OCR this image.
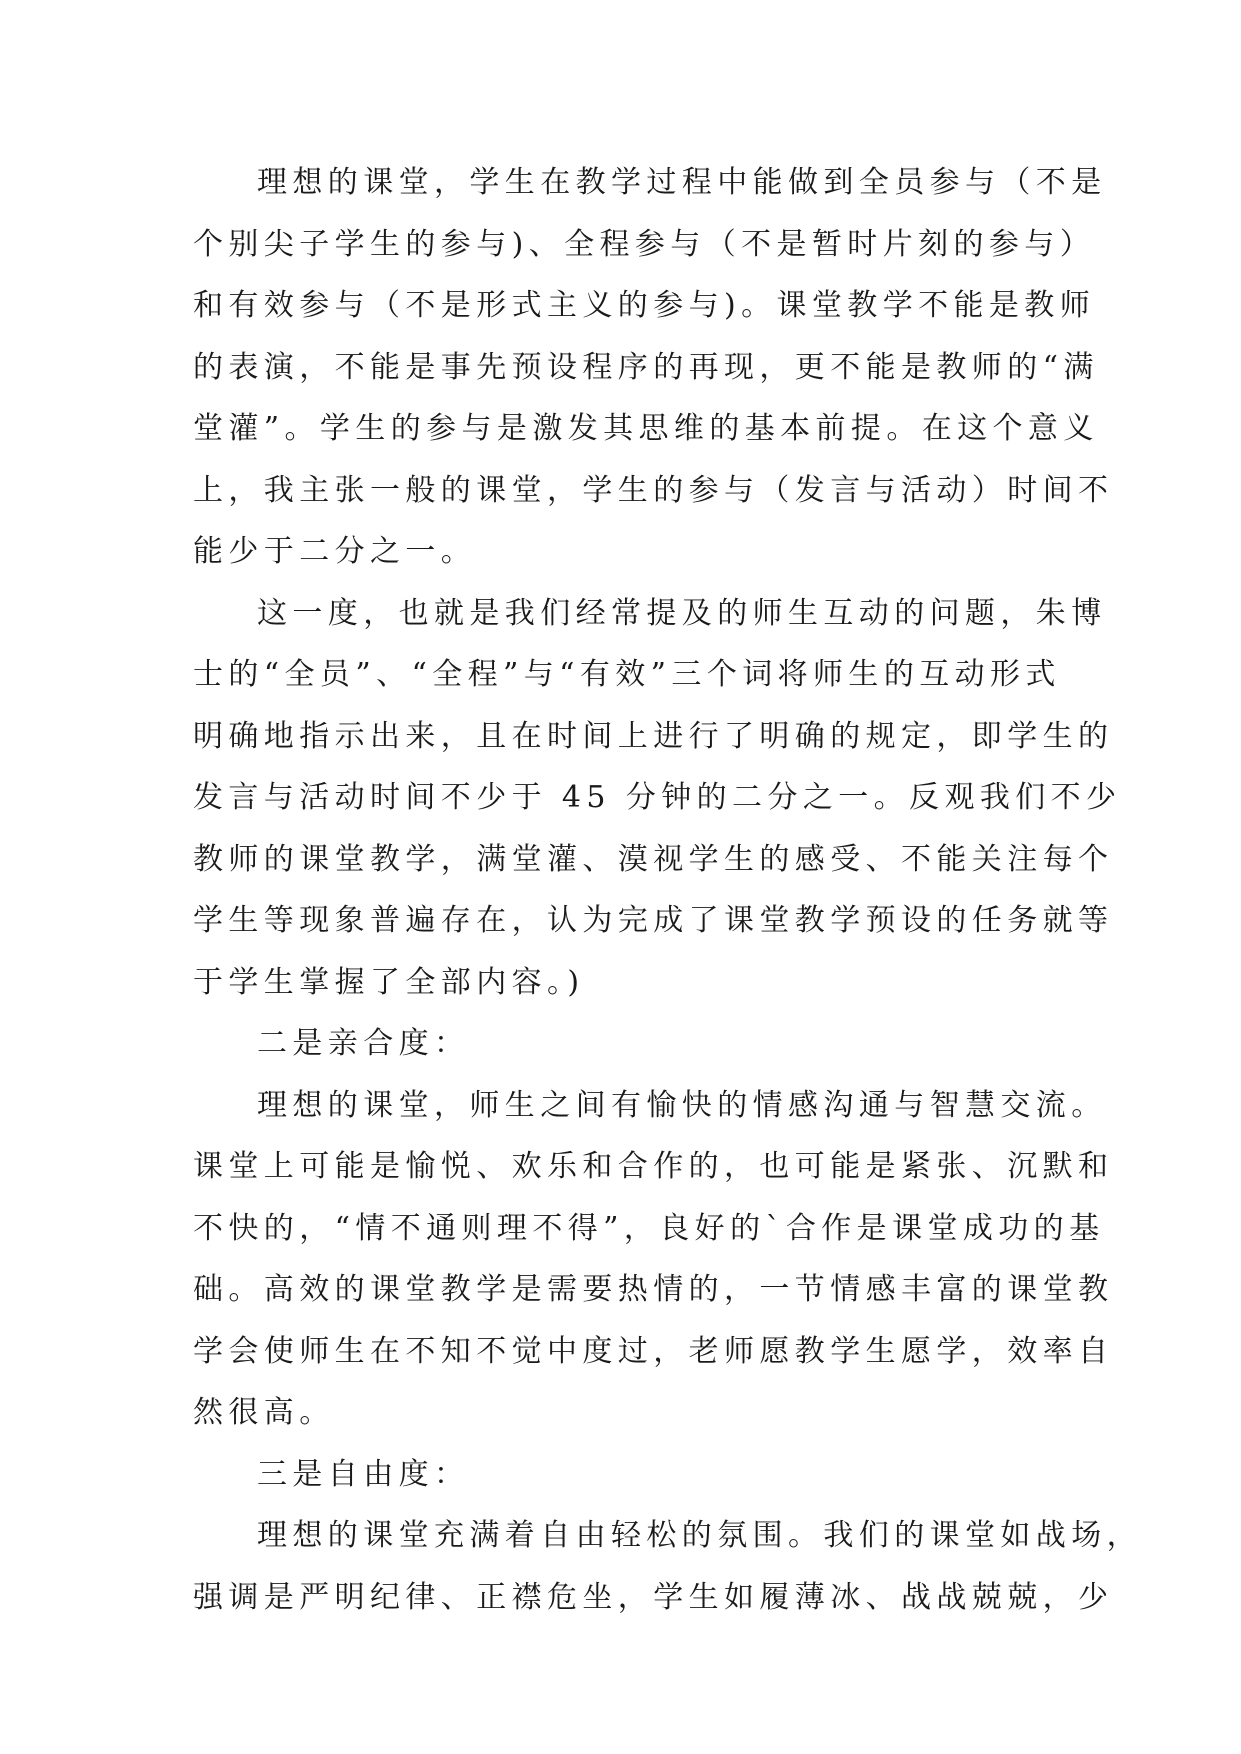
理想的课堂，学生在教学过程中能做到全员参与（不是
个别尖子学生的参与)、全程参与（不是暂时片刻的参与）
和有效参与（不是形式主义的参与)。课堂教学不能是教师
的表演，不能是事先预设程序的再现，更不能是教师的“满
堂灌”。学生的参与是激发其思维的基本前提。在这个意义
上，我主张一般的课堂，学生的参与（发言与活动）时间不
能少于二分之一。
这一度，也就是我们经常提及的师生互动的问题，朱博
士的“全员”、“全程”与“有效”三个词将师生的互动形式
明确地指示出来，且在时间上进行了明确的规定，即学生的
发言与活动时间不少于 45 分钟的二分之一。反观我们不少
教师的课堂教学，满堂灌、漠视学生的感受、不能关注每个
学生等现象普遍存在，认为完成了课堂教学预设的任务就等
于学生掌握了全部内容。)
二是亲合度：
理想的课堂，师生之间有愉快的情感沟通与智慧交流。
课堂上可能是愉悦、欢乐和合作的，也可能是紧张、沉默和
不快的，“情不通则理不得”，良好的`合作是课堂成功的基
础。高效的课堂教学是需要热情的，一节情感丰富的课堂教
学会使师生在不知不觉中度过，老师愿教学生愿学，效率自
然很高。
三是自由度：
理想的课堂充满着自由轻松的氛围。我们的课堂如战场，
强调是严明纪律、正襟危坐，学生如履薄冰、战战兢兢，少
